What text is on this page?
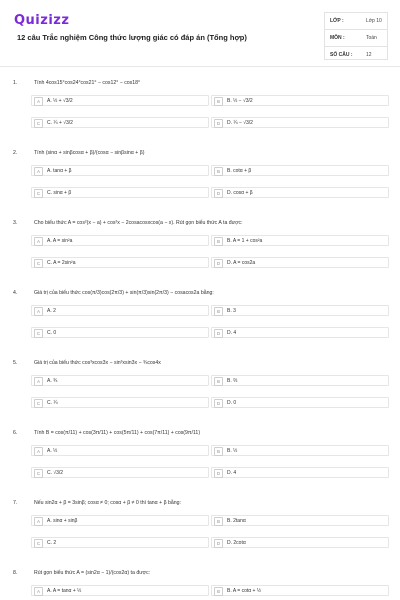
Quizizz
12 câu Trắc nghiệm Công thức lượng giác có đáp án (Tổng hợp)
LỚP :	Lớp 10
MÔN :	Toán
SỐ CÂU :	12
1.	Tính 4cos15°cos24°cos21° − cos12° − cos18°
A	A. ½ + √3/2	B	B. ½ − √3/2
C	C. ¼ + √3/2	D	D. ¼ − √3/2
2.	Tính (sinα + sinβcosα + β)/(cosα − sinβsinα + β)
A	A. tanα + β	B	B. cotα + β
C	C. sinα + β	D	D. cosα + β
3.	Cho biểu thức A = cos²(x − a) + cos²x − 2cosacosxcos(a − x). Rút gọn biểu thức A ta được:
A	A. A = sin²a	B	B. A = 1 + cos²a
C	C. A = 2sin²a	D	D. A = cos2a
4.	Giá trị của biểu thức cos(π/3)cos(2π/3) + sin(π/3)sin(2π/3) − cosacos2a bằng:
A	A. 2	B	B. 3
C	C. 0	D	D. 4
5.	Giá trị của biểu thức cos³xcos3x − sin³xsin3x − ¾cos4x
A	A. ¾	B	B. ⅔
C	C. ¼	D	D. 0
6.	Tính B = cos(π/11) + cos(3π/11) + cos(5π/11) + cos(7π/11) + cos(9π/11)
A	A. ½	B	B. ½
C	C. √3/2	D	D. 4
7.	Nếu sin2α + β = 3sinβ; cosα ≠ 0; cosα + β ≠ 0 thì tanα + β bằng:
A	A. sinα + sinβ	B	B. 2tanα
C	C. 2	D	D. 2cotα
8.	Rút gọn biểu thức A = (sin2α − 1)/(cos2α) ta được:
A	A. A = tanα + ½	B	B. A = cotα + ½
